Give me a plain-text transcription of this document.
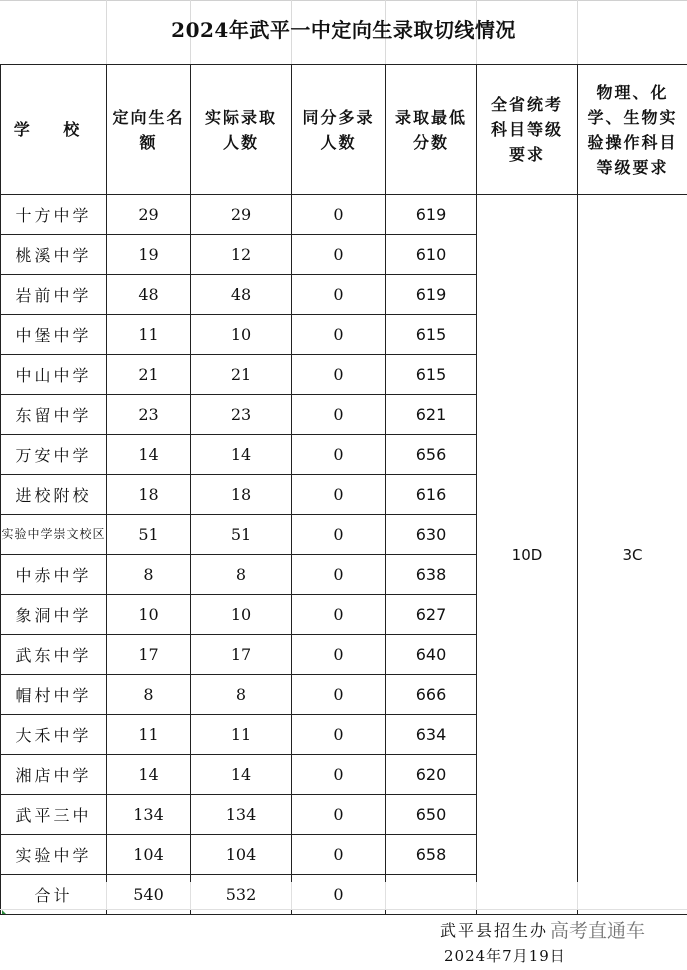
2024年武平一中定向生录取切线情况
学 校	定向生名额	实际录取人数	同分多录人数	录取最低分数	全省统考科目等级要求	物理、化学、生物实验操作科目等级要求

十方中学	29	29	0	619	10D	3C
桃溪中学	19	12	0	610		
岩前中学	48	48	0	619		
中堡中学	11	10	0	615		
中山中学	21	21	0	615		
东留中学	23	23	0	621		
万安中学	14	14	0	656		
进校附校	18	18	0	616		
实验中学崇文校区	51	51	0	630		
中赤中学	8	8	0	638		
象洞中学	10	10	0	627		
武东中学	17	17	0	640		
帽村中学	8	8	0	666		
大禾中学	11	11	0	634		
湘店中学	14	14	0	620		
武平三中	134	134	0	650		
实验中学	104	104	0	658		
合计	540	532	0			
武平县招生办 高考直通车
2024年7月19日
